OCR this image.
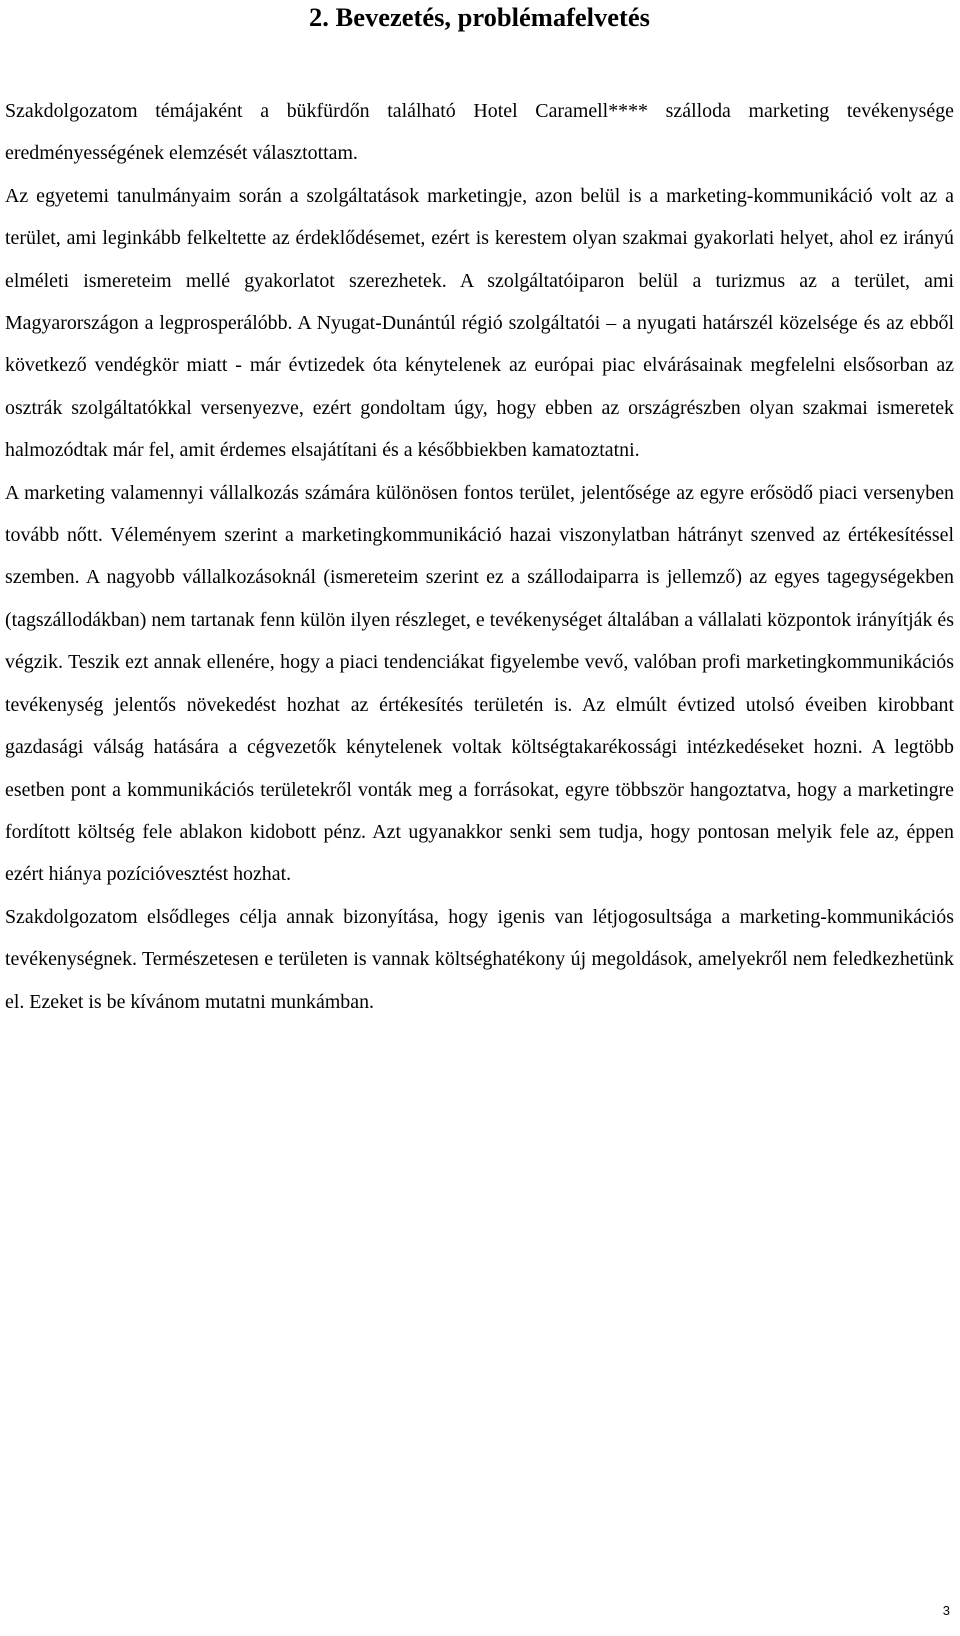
2. Bevezetés, problémafelvetés

Szakdolgozatom témájaként a bükfürdőn található Hotel Caramell**** szálloda marketing tevékenysége eredményességének elemzését választottam.

Az egyetemi tanulmányaim során a szolgáltatások marketingje, azon belül is a marketing-kommunikáció volt az a terület, ami leginkább felkeltette az érdeklődésemet, ezért is kerestem olyan szakmai gyakorlati helyet, ahol ez irányú elméleti ismereteim mellé gyakorlatot szerezhetek. A szolgáltatóiparon belül a turizmus az a terület, ami Magyarországon a legprosperálóbb. A Nyugat-Dunántúl régió szolgáltatói – a nyugati határszél közelsége és az ebből következő vendégkör miatt - már évtizedek óta kénytelenek az európai piac elvárásainak megfelelni elsősorban az osztrák szolgáltatókkal versenyezve, ezért gondoltam úgy, hogy ebben az országrészben olyan szakmai ismeretek halmozódtak már fel, amit érdemes elsajátítani és a későbbiekben kamatoztatni.

A marketing valamennyi vállalkozás számára különösen fontos terület, jelentősége az egyre erősödő piaci versenyben tovább nőtt. Véleményem szerint a marketingkommunikáció hazai viszonylatban hátrányt szenved az értékesítéssel szemben. A nagyobb vállalkozásoknál (ismereteim szerint ez a szállodaiparra is jellemző) az egyes tagegységekben (tagszállodákban) nem tartanak fenn külön ilyen részleget, e tevékenységet általában a vállalati központok irányítják és végzik. Teszik ezt annak ellenére, hogy a piaci tendenciákat figyelembe vevő, valóban profi marketingkommunikációs tevékenység jelentős növekedést hozhat az értékesítés területén is. Az elmúlt évtized utolsó éveiben kirobbant gazdasági válság hatására a cégvezetők kénytelenek voltak költségtakarékossági intézkedéseket hozni. A legtöbb esetben pont a kommunikációs területekről vonták meg a forrásokat, egyre többször hangoztatva, hogy a marketingre fordított költség fele ablakon kidobott pénz. Azt ugyanakkor senki sem tudja, hogy pontosan melyik fele az, éppen ezért hiánya pozícióvesztést hozhat.

Szakdolgozatom elsődleges célja annak bizonyítása, hogy igenis van létjogosultsága a marketing-kommunikációs tevékenységnek. Természetesen e területen is vannak költséghatékony új megoldások, amelyekről nem feledkezhetünk el. Ezeket is be kívánom mutatni munkámban.

3
